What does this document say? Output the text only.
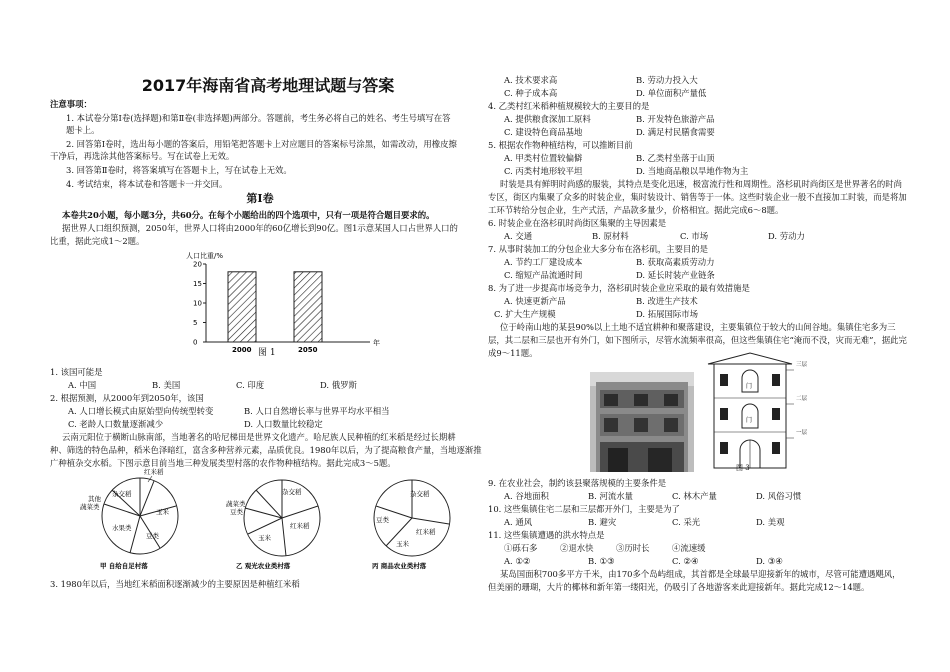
2017年海南省高考地理试题与答案
注意事项：
1. 本试卷分第Ⅰ卷(选择题)和第Ⅱ卷(非选择题)两部分。答题前，考生务必将自己的姓名、考生号填写在答
题卡上。
2. 回答第Ⅰ卷时，选出每小题的答案后，用铅笔把答题卡上对应题目的答案标号涂黑，如需改动，用橡皮擦
干净后，再选涂其他答案标号。写在试卷上无效。
3. 回答第Ⅱ卷时，将答案填写在答题卡上，写在试卷上无效。
4. 考试结束，将本试卷和答题卡一并交回。
第Ⅰ卷
本卷共20小题，每小题3分，共60分。在每个小题给出的四个选项中，只有一项是符合题目要求的。
据世界人口组织预测，2050年，世界人口将由2000年的60亿增长到90亿。图1示意某国人口占世界人口的
比重，据此完成1～2题。
人口比重/%
20
15
10
5
0
2000	2050
年
图 1
1. 该国可能是
A. 中国	B. 美国	C. 印度	D. 俄罗斯
2. 根据预测，从2000年到2050年，该国
A. 人口增长模式由原始型向传统型转变	B. 人口自然增长率与世界平均水平相当
C. 老龄人口数量逐渐减少	D. 人口数量比较稳定
云南元阳位于横断山脉南部，当地著名的哈尼梯田是世界文化遗产。哈尼族人民种植的红米稻是经过长期耕
种、筛选的特色品种，稻米色泽暗红，富含多种营养元素，品质优良。1980年以后，为了提高粮食产量，当地逐渐推
广种植杂交水稻。下图示意目前当地三种发展类型村落的农作物种植结构。据此完成3～5题。
红米稻
杂交稻
其他
蔬菜类
玉米
水果类
豆类
甲 自给自足村落
杂交稻
蔬菜类
豆类
红米稻
玉米
乙 观光农业类村落
杂交稻
豆类
红米稻
玉米
丙 商品农业类村落
3. 1980年以后，当地红米稻面积逐渐减少的主要原因是种植红米稻
A. 技术要求高	B. 劳动力投入大
C. 种子成本高	D. 单位面积产量低
4. 乙类村红米稻种植规模较大的主要目的是
A. 提供粮食深加工原料	B. 开发特色旅游产品
C. 建设特色商品基地	D. 满足村民膳食需要
5. 根据农作物种植结构，可以推断目前
A. 甲类村位置较偏僻	B. 乙类村坐落于山顶
C. 丙类村地形较平坦	D. 当地商品粮以旱地作物为主
时装是具有鲜明时尚感的服装，其特点是变化迅速，极富流行性和周期性。洛杉矶时尚街区是世界著名的时尚
专区，街区内集聚了众多的时装企业，集时装设计、销售等于一体。这些时装企业一般不直接加工时装，而是将加
工环节转给分包企业，生产式活，产品款多量少，价格相宜。据此完成6～8题。
6. 时装企业在洛杉矶时尚街区集聚的主导因素是
A. 交通	B. 原材料	C. 市场	D. 劳动力
7. 从事时装加工的分包企业大多分布在洛杉矶，主要目的是
A. 节约工厂建设成本	B. 获取高素质劳动力
C. 缩短产品流通时间	D. 延长时装产业链条
8. 为了进一步提高市场竞争力，洛杉矶时装企业应采取的最有效措施是
A. 快速更新产品	B. 改进生产技术
C. 扩大生产规模	D. 拓展国际市场
位于岭南山地的某县90%以上土地不适宜耕种和聚落建设，主要集镇位于较大的山间谷地。集镇住宅多为三
层，其二层和三层也开有外门，如下图所示，尽管水流频率很高，但这些集镇住宅“淹而不没，灾而无难”，据此完
成9～11题。
门
门
三层
二层
一层
图 3
9. 在农业社会，制约该县聚落规模的主要条件是
A. 谷地面积	B. 河流水量	C. 林木产量	D. 风俗习惯
10. 这些集镇住宅二层和三层都开外门，主要是为了
A. 通风	B. 避灾	C. 采光	D. 美观
11. 这些集镇遭遇的洪水特点是
①砾石多	②退水快	③历时长	④流速缓
A. ①②	B. ①③	C. ②④	D. ③④
某岛国面积700多平方千米，由170多个岛屿组成，其首都是全球最早迎接新年的城市，尽管可能遭遇飓风，
但美丽的珊瑚，大片的椰林和新年第一缕阳光，仍吸引了各地游客来此迎接新年。据此完成12～14题。
